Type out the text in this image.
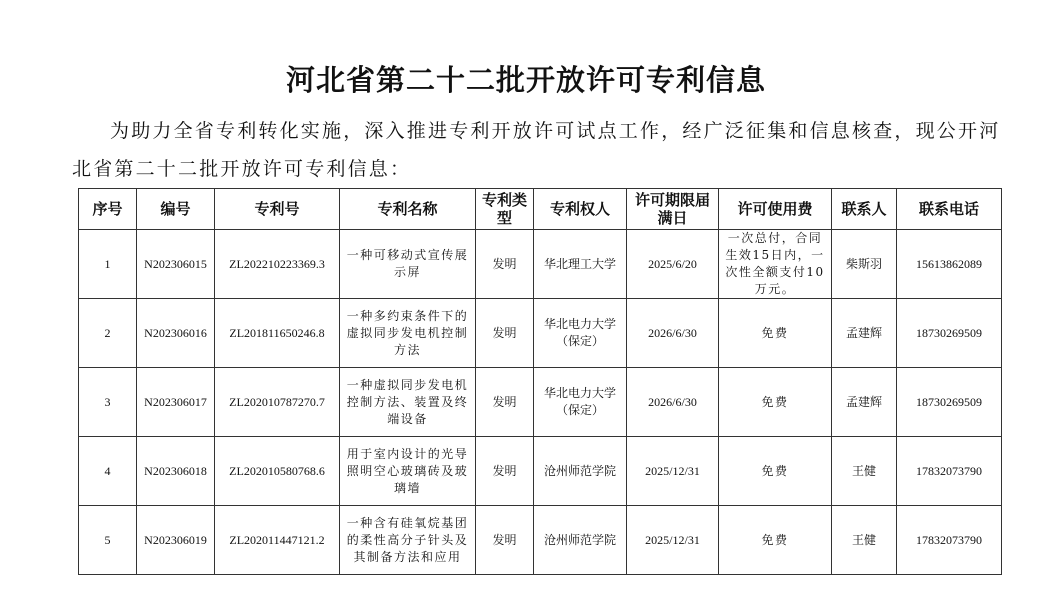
河北省第二十二批开放许可专利信息

为助力全省专利转化实施，深入推进专利开放许可试点工作，经广泛征集和信息核查，现公开河北省第二十二批开放许可专利信息：

序号	编号	专利号	专利名称	专利类型	专利权人	许可期限届满日	许可使用费	联系人	联系电话
1	N202306015	ZL202210223369.3	一种可移动式宣传展示屏	发明	华北理工大学	2025/6/20	一次总付，合同生效15日内，一次性全额支付10万元。	柴斯羽	15613862089
2	N202306016	ZL201811650246.8	一种多约束条件下的虚拟同步发电机控制方法	发明	华北电力大学（保定）	2026/6/30	免费	孟建辉	18730269509
3	N202306017	ZL202010787270.7	一种虚拟同步发电机控制方法、装置及终端设备	发明	华北电力大学（保定）	2026/6/30	免费	孟建辉	18730269509
4	N202306018	ZL202010580768.6	用于室内设计的光导照明空心玻璃砖及玻璃墙	发明	沧州师范学院	2025/12/31	免费	王健	17832073790
5	N202306019	ZL202011447121.2	一种含有硅氧烷基团的柔性高分子针头及其制备方法和应用	发明	沧州师范学院	2025/12/31	免费	王健	17832073790
